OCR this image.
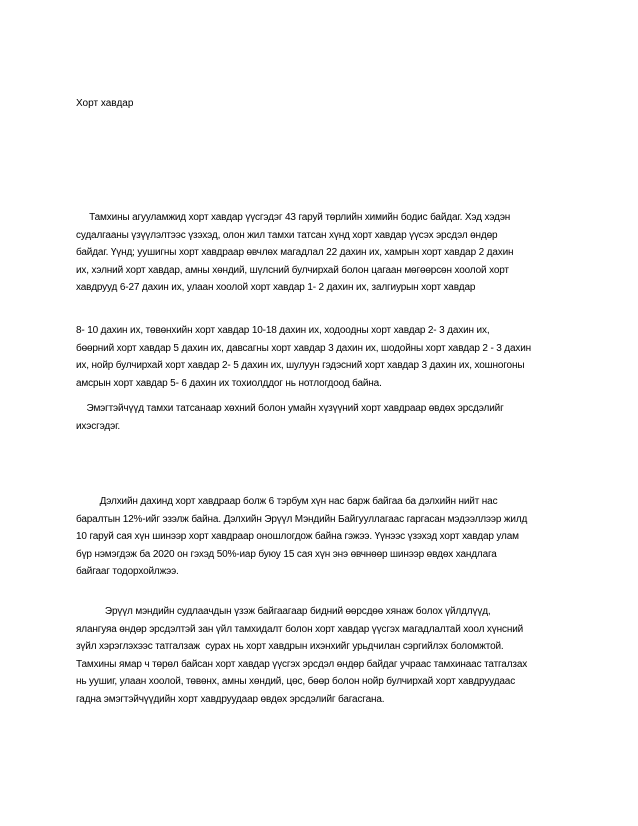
Хорт хавдар
Тамхины агууламжид хорт хавдар үүсгэдэг 43 гаруй төрлийн химийн бодис байдаг. Хэд хэдэн
судалгааны үзүүлэлтээс үзэхэд, олон жил тамхи татсан хүнд хорт хавдар үүсэх эрсдэл өндөр
байдаг. Үүнд; уушигны хорт хавдраар өвчлөх магадлал 22 дахин их, хамрын хорт хавдар 2 дахин
их, хэлний хорт хавдар, амны хөндий, шүлсний булчирхай болон цагаан мөгөөрсөн хоолой хорт
хавдрууд 6-27 дахин их, улаан хоолой хорт хавдар 1- 2 дахин их, залгиурын хорт хавдар
8- 10 дахин их, төвөнхийн хорт хавдар 10-18 дахин их, ходоодны хорт хавдар 2- 3 дахин их,
бөөрний хорт хавдар 5 дахин их, давсагны хорт хавдар 3 дахин их, шодойны хорт хавдар 2 - 3 дахин
их, нойр булчирхай хорт хавдар 2- 5 дахин их, шулуун гэдэсний хорт хавдар 3 дахин их, хошногоны
амсрын хорт хавдар 5- 6 дахин их тохиолддог нь нотлогдоод байна.
Эмэгтэйчүүд тамхи татсанаар хөхний болон умайн хүзүүний хорт хавдраар өвдөх эрсдэлийг
ихэсгэдэг.
Дэлхийн дахинд хорт хавдраар болж 6 тэрбум хүн нас барж байгаа ба дэлхийн нийт нас
баралтын 12%-ийг эзэлж байна. Дэлхийн Эрүүл Мэндийн Байгууллагаас гаргасан мэдээллээр жилд
10 гаруй сая хүн шинээр хорт хавдраар оношлогдож байна гэжээ. Үүнээс үзэхэд хорт хавдар улам
бүр нэмэгдэж ба 2020 он гэхэд 50%-иар буюу 15 сая хүн энэ өвчнөөр шинээр өвдөх хандлага
байгааг тодорхойлжээ.
Эрүүл мэндийн судлаачдын үзэж байгаагаар бидний өөрсдөө хянаж болох үйлдлүүд,
ялангуяа өндөр эрсдэлтэй зан үйл тамхидалт болон хорт хавдар үүсгэх магадлалтай хоол хүнсний
зүйл хэрэглэхээс татгалзаж  сурах нь хорт хавдрын ихэнхийг урьдчилан сэргийлэх боломжтой.
Тамхины ямар ч төрөл байсан хорт хавдар үүсгэх эрсдэл өндөр байдаг учраас тамхинаас татгалзах
нь уушиг, улаан хоолой, төвөнх, амны хөндий, цөс, бөөр болон нойр булчирхай хорт хавдруудаас
гадна эмэгтэйчүүдийн хорт хавдруудаар өвдөх эрсдэлийг багасгана.
